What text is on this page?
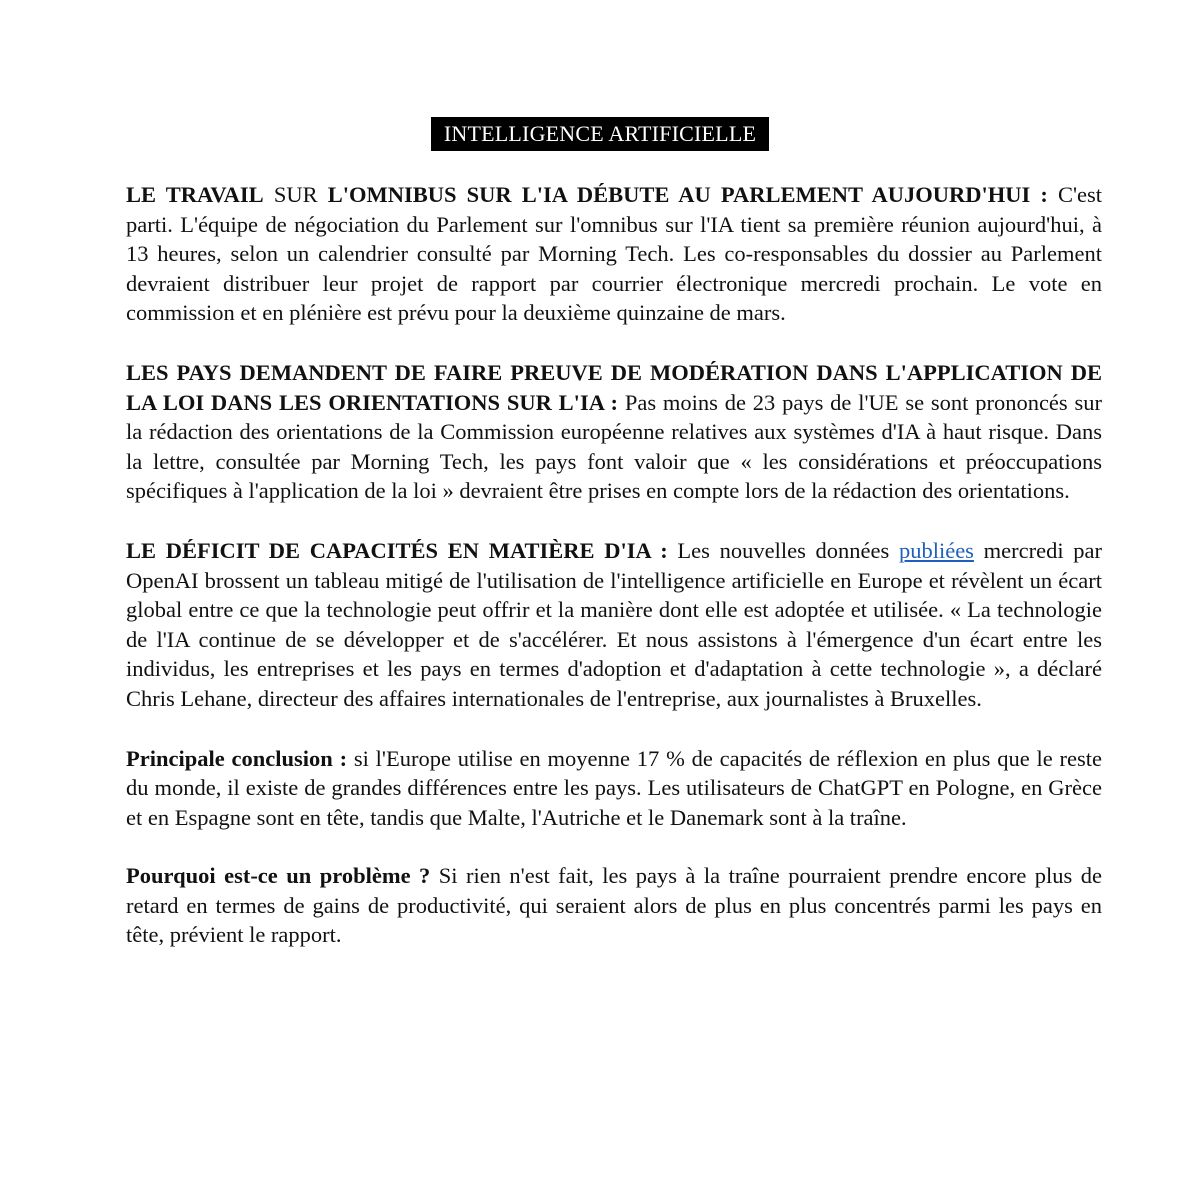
INTELLIGENCE ARTIFICIELLE

LE TRAVAIL SUR L'OMNIBUS SUR L'IA DÉBUTE AU PARLEMENT AUJOURD'HUI : C'est parti. L'équipe de négociation du Parlement sur l'omnibus sur l'IA tient sa première réunion aujourd'hui, à 13 heures, selon un calendrier consulté par Morning Tech. Les co-responsables du dossier au Parlement devraient distribuer leur projet de rapport par courrier électronique mercredi prochain. Le vote en commission et en plénière est prévu pour la deuxième quinzaine de mars.

LES PAYS DEMANDENT DE FAIRE PREUVE DE MODÉRATION DANS L'APPLICATION DE LA LOI DANS LES ORIENTATIONS SUR L'IA : Pas moins de 23 pays de l'UE se sont prononcés sur la rédaction des orientations de la Commission européenne relatives aux systèmes d'IA à haut risque. Dans la lettre, consultée par Morning Tech, les pays font valoir que « les considérations et préoccupations spécifiques à l'application de la loi » devraient être prises en compte lors de la rédaction des orientations.

LE DÉFICIT DE CAPACITÉS EN MATIÈRE D'IA : Les nouvelles données publiées mercredi par OpenAI brossent un tableau mitigé de l'utilisation de l'intelligence artificielle en Europe et révèlent un écart global entre ce que la technologie peut offrir et la manière dont elle est adoptée et utilisée. « La technologie de l'IA continue de se développer et de s'accélérer. Et nous assistons à l'émergence d'un écart entre les individus, les entreprises et les pays en termes d'adoption et d'adaptation à cette technologie », a déclaré Chris Lehane, directeur des affaires internationales de l'entreprise, aux journalistes à Bruxelles.

Principale conclusion : si l'Europe utilise en moyenne 17 % de capacités de réflexion en plus que le reste du monde, il existe de grandes différences entre les pays. Les utilisateurs de ChatGPT en Pologne, en Grèce et en Espagne sont en tête, tandis que Malte, l'Autriche et le Danemark sont à la traîne.

Pourquoi est-ce un problème ? Si rien n'est fait, les pays à la traîne pourraient prendre encore plus de retard en termes de gains de productivité, qui seraient alors de plus en plus concentrés parmi les pays en tête, prévient le rapport.
